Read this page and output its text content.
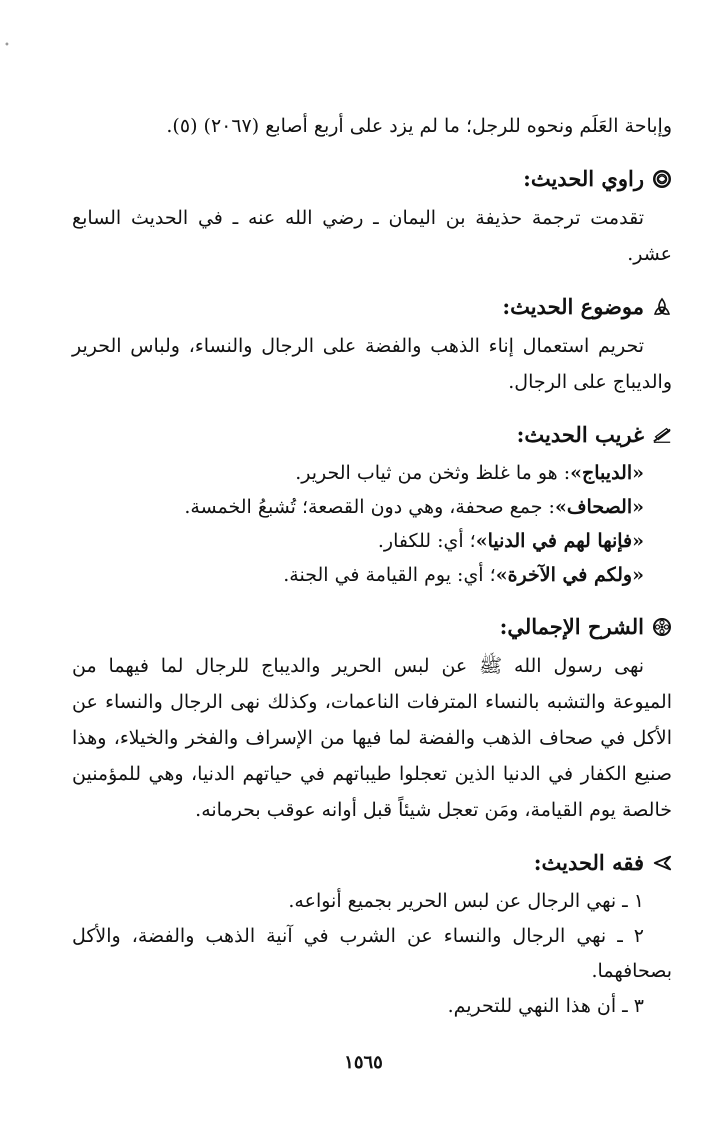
•

وإباحة العَلَم ونحوه للرجل؛ ما لم يزد على أربع أصابع (٢٠٦٧) (٥).

راوي الحديث:

تقدمت ترجمة حذيفة بن اليمان ـ رضي الله عنه ـ في الحديث السابع عشر.

موضوع الحديث:

تحريم استعمال إناء الذهب والفضة على الرجال والنساء، ولباس الحرير والديباج على الرجال.

غريب الحديث:

«الديباج»: هو ما غلظ وثخن من ثياب الحرير.

«الصحاف»: جمع صحفة، وهي دون القصعة؛ تُشبعُ الخمسة.

«فإنها لهم في الدنيا»؛ أي: للكفار.

«ولكم في الآخرة»؛ أي: يوم القيامة في الجنة.

الشرح الإجمالي:

نهى رسول الله ﷺ عن لبس الحرير والديباج للرجال لما فيهما من الميوعة والتشبه بالنساء المترفات الناعمات، وكذلك نهى الرجال والنساء عن الأكل في صحاف الذهب والفضة لما فيها من الإسراف والفخر والخيلاء، وهذا صنيع الكفار في الدنيا الذين تعجلوا طيباتهم في حياتهم الدنيا، وهي للمؤمنين خالصة يوم القيامة، ومَن تعجل شيئاً قبل أوانه عوقب بحرمانه.

فقه الحديث:

١ ـ نهي الرجال عن لبس الحرير بجميع أنواعه.

٢ ـ نهي الرجال والنساء عن الشرب في آنية الذهب والفضة، والأكل بصحافهما.

٣ ـ أن هذا النهي للتحريم.

١٥٦٥
